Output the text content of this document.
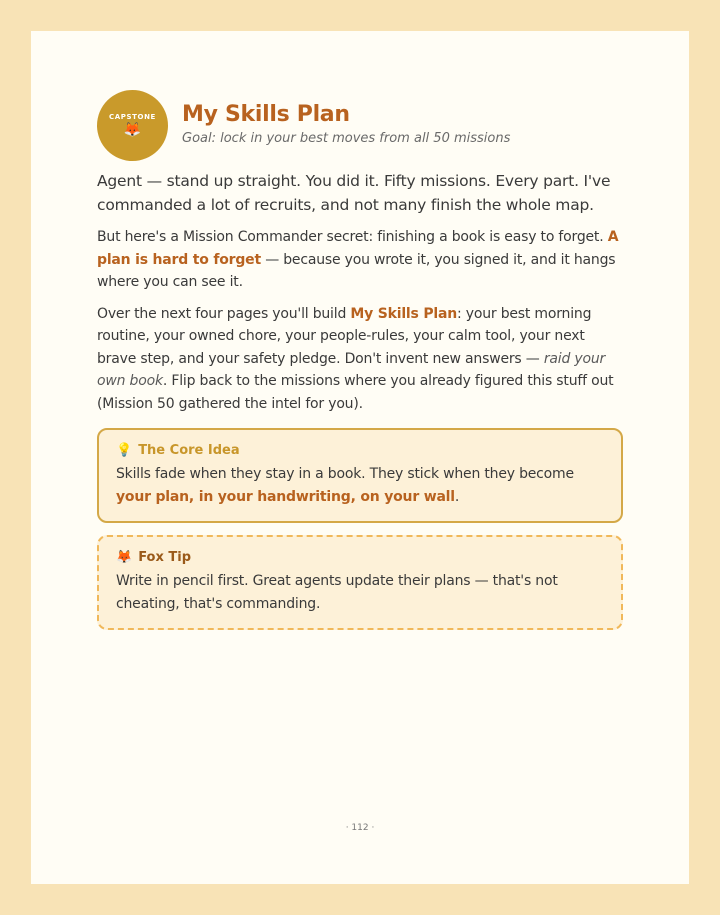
CAPSTONE
🦊
My Skills Plan
Goal: lock in your best moves from all 50 missions

Agent — stand up straight. You did it. Fifty missions. Every part. I've commanded a lot of recruits, and not many finish the whole map.

But here's a Mission Commander secret: finishing a book is easy to forget. A plan is hard to forget — because you wrote it, you signed it, and it hangs where you can see it.

Over the next four pages you'll build My Skills Plan: your best morning routine, your owned chore, your people-rules, your calm tool, your next brave step, and your safety pledge. Don't invent new answers — raid your own book. Flip back to the missions where you already figured this stuff out (Mission 50 gathered the intel for you).

💡 The Core Idea
Skills fade when they stay in a book. They stick when they become your plan, in your handwriting, on your wall.
🦊 Fox Tip
Write in pencil first. Great agents update their plans — that's not cheating, that's commanding.
· 112 ·
